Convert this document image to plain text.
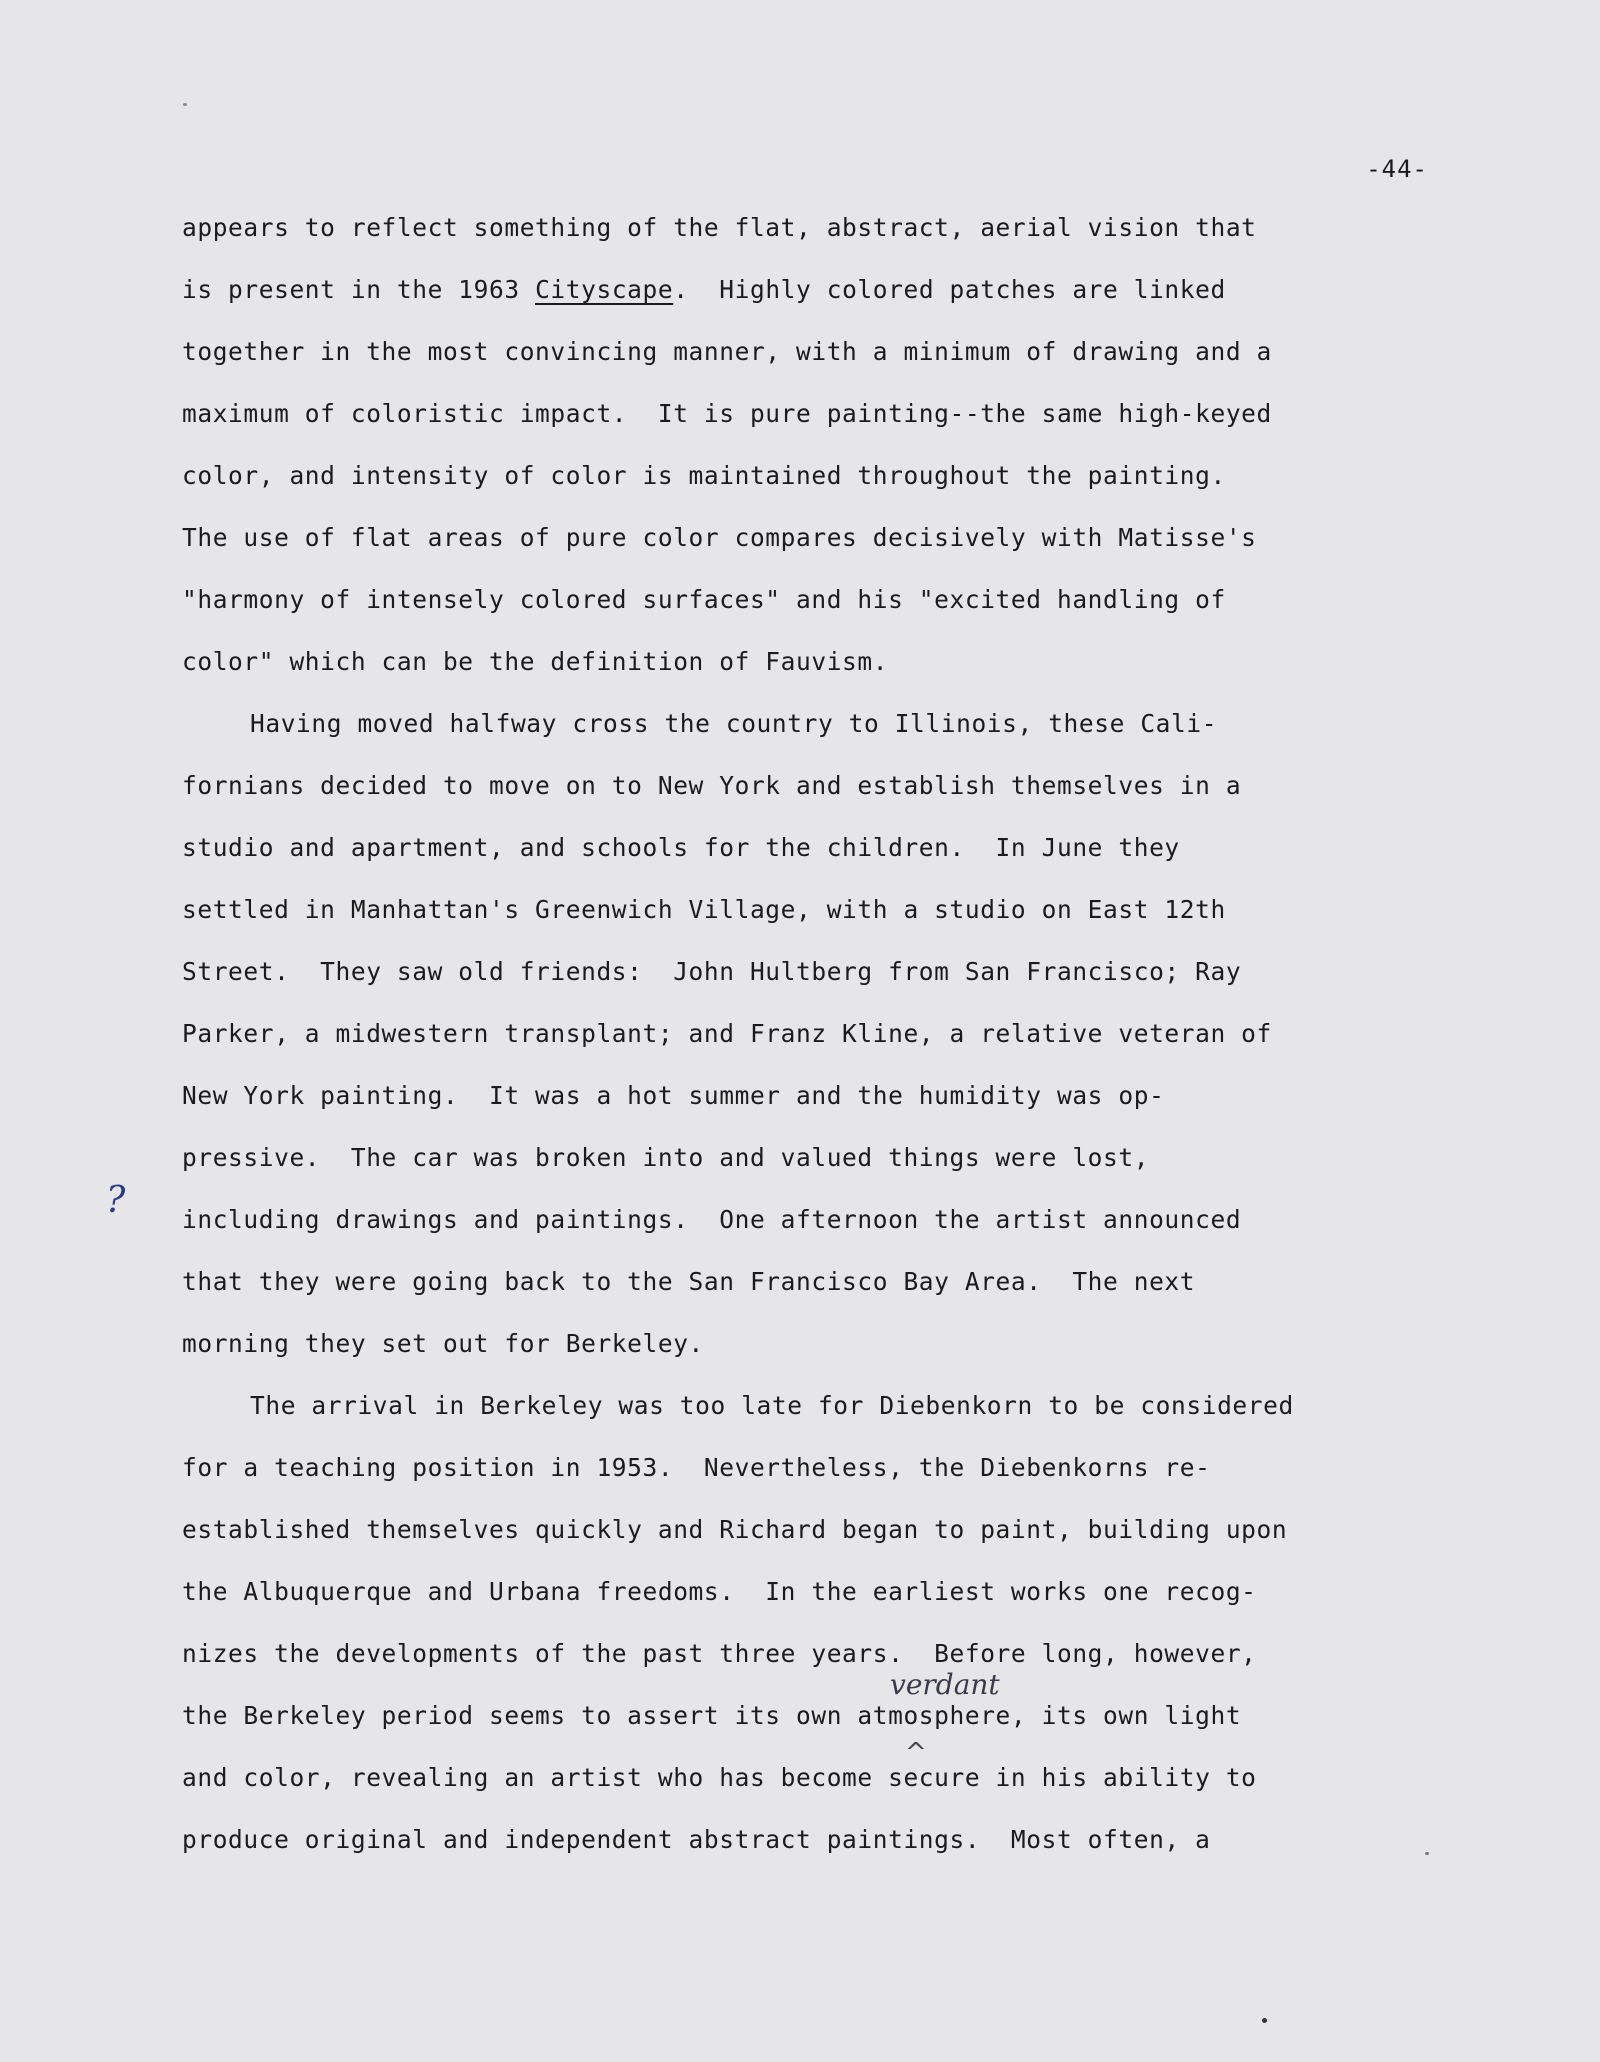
-44-
appears to reflect something of the flat, abstract, aerial vision that
is present in the 1963 Cityscape.  Highly colored patches are linked
together in the most convincing manner, with a minimum of drawing and a
maximum of coloristic impact.  It is pure painting--the same high-keyed
color, and intensity of color is maintained throughout the painting.
The use of flat areas of pure color compares decisively with Matisse's
"harmony of intensely colored surfaces" and his "excited handling of
color" which can be the definition of Fauvism.
Having moved halfway cross the country to Illinois, these Cali-
fornians decided to move on to New York and establish themselves in a
studio and apartment, and schools for the children.  In June they
settled in Manhattan's Greenwich Village, with a studio on East 12th
Street.  They saw old friends:  John Hultberg from San Francisco; Ray
Parker, a midwestern transplant; and Franz Kline, a relative veteran of
New York painting.  It was a hot summer and the humidity was op-
pressive.  The car was broken into and valued things were lost,
including drawings and paintings.  One afternoon the artist announced
that they were going back to the San Francisco Bay Area.  The next
morning they set out for Berkeley.
The arrival in Berkeley was too late for Diebenkorn to be considered
for a teaching position in 1953.  Nevertheless, the Diebenkorns re-
established themselves quickly and Richard began to paint, building upon
the Albuquerque and Urbana freedoms.  In the earliest works one recog-
nizes the developments of the past three years.  Before long, however,
the Berkeley period seems to assert its own atmosphere, its own light
and color, revealing an artist who has become secure in his ability to
produce original and independent abstract paintings.  Most often, a
?
verdant
^
